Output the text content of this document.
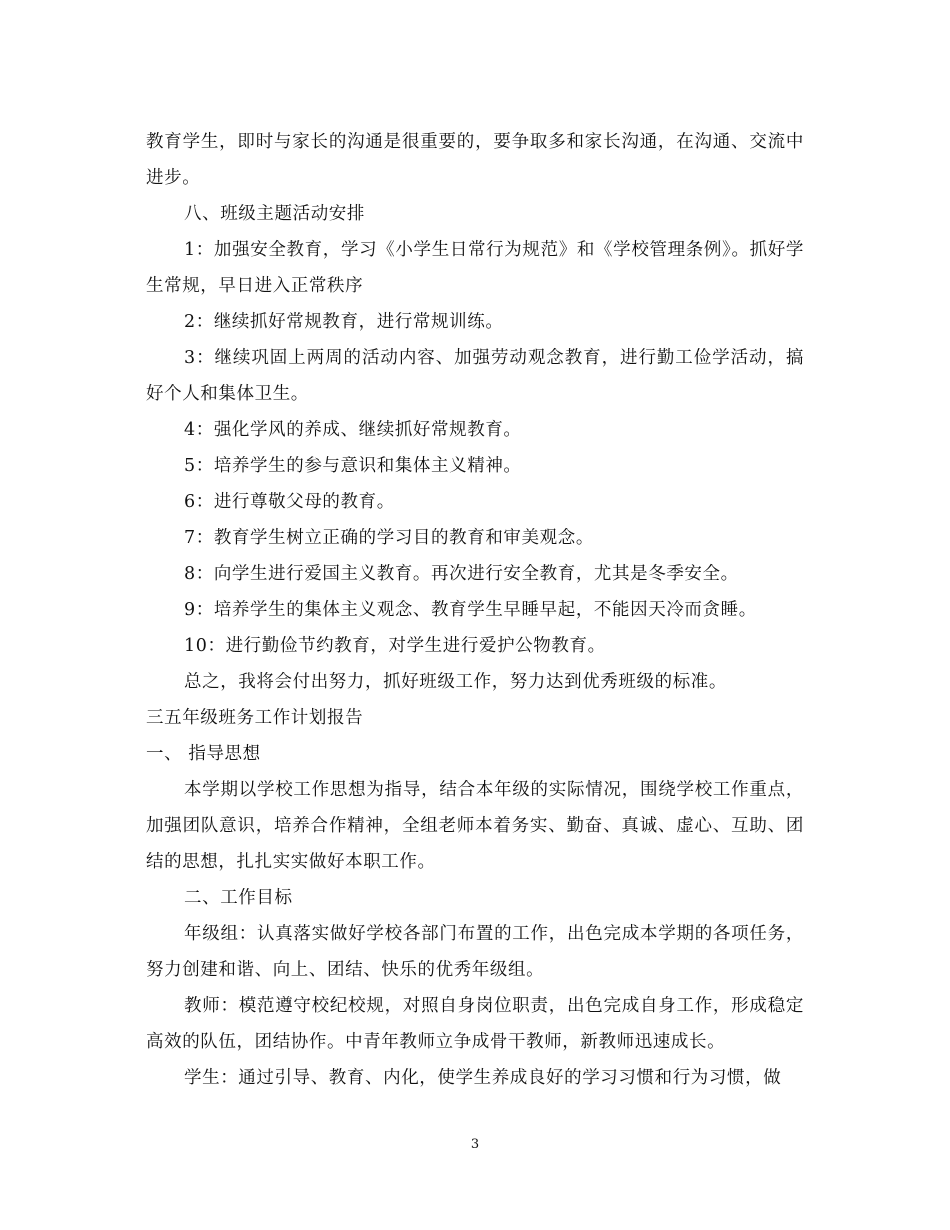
教育学生，即时与家长的沟通是很重要的，要争取多和家长沟通，在沟通、交流中进步。

八、班级主题活动安排

1：加强安全教育，学习《小学生日常行为规范》和《学校管理条例》。抓好学生常规，早日进入正常秩序

2：继续抓好常规教育，进行常规训练。

3：继续巩固上两周的活动内容、加强劳动观念教育，进行勤工俭学活动，搞好个人和集体卫生。

4：强化学风的养成、继续抓好常规教育。

5：培养学生的参与意识和集体主义精神。

6：进行尊敬父母的教育。

7：教育学生树立正确的学习目的教育和审美观念。

8：向学生进行爱国主义教育。再次进行安全教育，尤其是冬季安全。

9：培养学生的集体主义观念、教育学生早睡早起，不能因天冷而贪睡。

10：进行勤俭节约教育，对学生进行爱护公物教育。

总之，我将会付出努力，抓好班级工作，努力达到优秀班级的标准。

三五年级班务工作计划报告

一、 指导思想

本学期以学校工作思想为指导，结合本年级的实际情况，围绕学校工作重点，加强团队意识，培养合作精神，全组老师本着务实、勤奋、真诚、虚心、互助、团结的思想，扎扎实实做好本职工作。

二、工作目标

年级组：认真落实做好学校各部门布置的工作，出色完成本学期的各项任务，努力创建和谐、向上、团结、快乐的优秀年级组。

教师：模范遵守校纪校规，对照自身岗位职责，出色完成自身工作，形成稳定高效的队伍，团结协作。中青年教师立争成骨干教师，新教师迅速成长。

学生：通过引导、教育、内化，使学生养成良好的学习习惯和行为习惯，做

3
